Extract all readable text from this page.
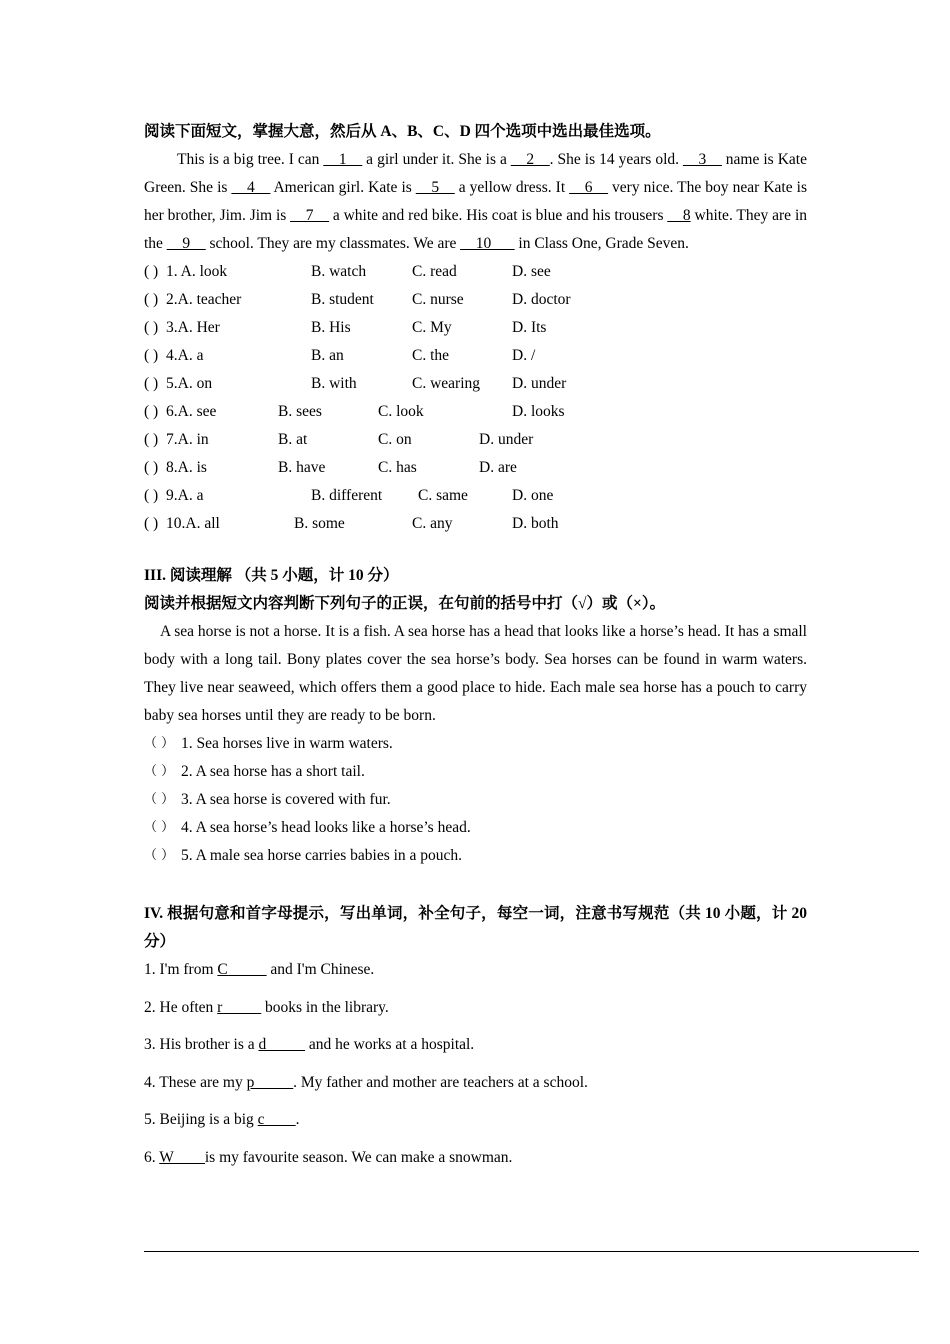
阅读下面短文，掌握大意，然后从 A、B、C、D 四个选项中选出最佳选项。

This is a big tree. I can __1__ a girl under it. She is a __2__. She is 14 years old. __3__ name is Kate Green. She is __4__ American girl. Kate is __5__ a yellow dress. It __6__ very nice. The boy near Kate is her brother, Jim. Jim is __7__ a white and red bike. His coat is blue and his trousers __8 white. They are in the __9__ school. They are my classmates. We are __10___ in Class One, Grade Seven.

( ) 1. A. look	B. watch	C. read	D. see
( ) 2.A. teacher	B. student C. nurse	D. doctor
( ) 3.A. Her	B. His	C. My	D. Its
( ) 4.A. a	B. an	C. the	D. /
( ) 5.A. on	B. with	C. wearing D. under
( ) 6.A. see	B. sees	C. look	D. looks
( ) 7.A. in	B. at	C. on	D. under
( ) 8.A. is	B. have	C. has	D. are
( ) 9.A. a	B. different C. same	D. one
( ) 10.A. all	B. some	C. any	D. both
III. 阅读理解 （共 5 小题，计 10 分）
阅读并根据短文内容判断下列句子的正误，在句前的括号中打（√）或（×）。

A sea horse is not a horse. It is a fish. A sea horse has a head that looks like a horse’s head. It has a small body with a long tail. Bony plates cover the sea horse’s body. Sea horses can be found in warm waters. They live near seaweed, which offers them a good place to hide. Each male sea horse has a pouch to carry baby sea horses until they are ready to be born.

（ ） 1. Sea horses live in warm waters.
（ ） 2. A sea horse has a short tail.
（ ） 3. A sea horse is covered with fur.
（ ） 4. A sea horse’s head looks like a horse’s head.
（ ） 5. A male sea horse carries babies in a pouch.

IV. 根据句意和首字母提示，写出单词，补全句子，每空一词，注意书写规范（共 10 小题，计 20 分）

1. I'm from C_____ and I'm Chinese.
2. He often r_____ books in the library.
3. His brother is a d_____ and he works at a hospital.
4. These are my p_____. My father and mother are teachers at a school.
5. Beijing is a big c____.
6. W____is my favourite season. We can make a snowman.
